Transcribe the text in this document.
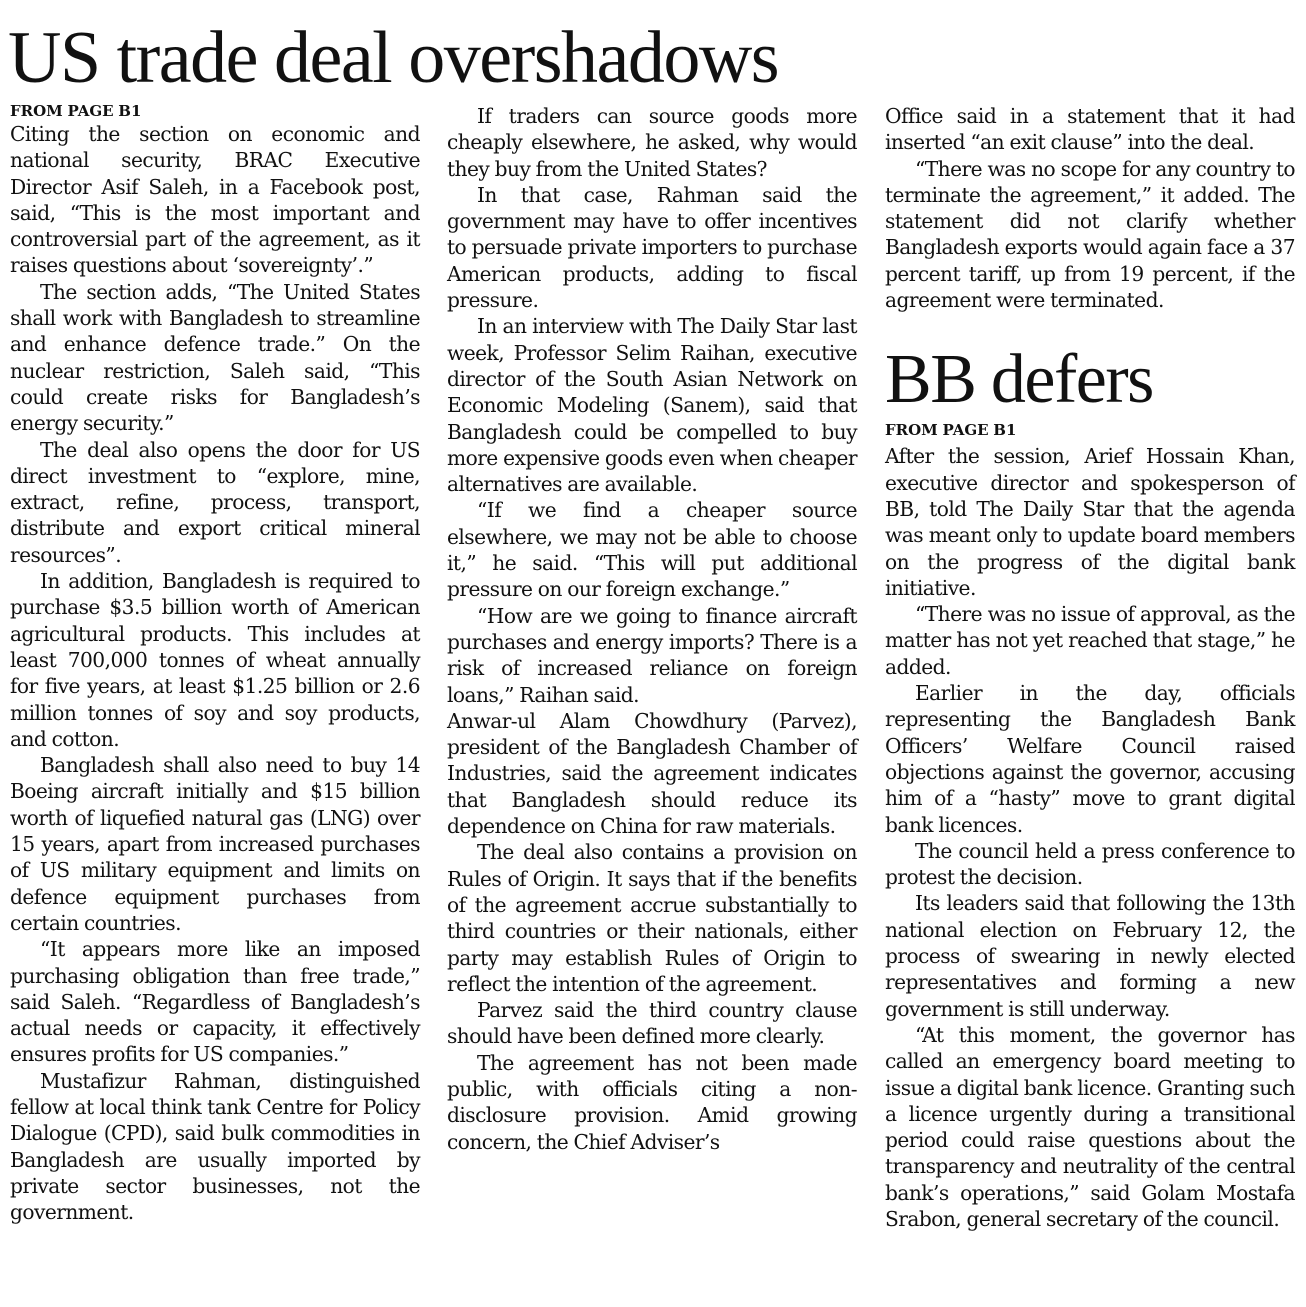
US trade deal overshadows
FROM PAGE B1

Citing the section on economic and national security, BRAC Executive Director Asif Saleh, in a Facebook post, said, “This is the most important and controversial part of the agreement, as it raises questions about ‘sovereignty’.”

The section adds, “The United States shall work with Bangladesh to streamline and enhance defence trade.” On the nuclear restriction, Saleh said, “This could create risks for Bangladesh’s energy security.”

The deal also opens the door for US direct investment to “explore, mine, extract, refine, process, transport, distribute and export critical mineral resources”.

In addition, Bangladesh is required to purchase $3.5 billion worth of American agricultural products. This includes at least 700,000 tonnes of wheat annually for five years, at least $1.25 billion or 2.6 million tonnes of soy and soy products, and cotton.

Bangladesh shall also need to buy 14 Boeing aircraft initially and $15 billion worth of liquefied natural gas (LNG) over 15 years, apart from increased purchases of US military equipment and limits on defence equipment purchases from certain countries.

“It appears more like an imposed purchasing obligation than free trade,” said Saleh. “Regardless of Bangladesh’s actual needs or capacity, it effectively ensures profits for US companies.”

Mustafizur Rahman, distinguished fellow at local think tank Centre for Policy Dialogue (CPD), said bulk commodities in Bangladesh are usually imported by private sector businesses, not the government.

If traders can source goods more cheaply elsewhere, he asked, why would they buy from the United States?

In that case, Rahman said the government may have to offer incentives to persuade private importers to purchase American products, adding to fiscal pressure.

In an interview with The Daily Star last week, Professor Selim Raihan, executive director of the South Asian Network on Economic Modeling (Sanem), said that Bangladesh could be compelled to buy more expensive goods even when cheaper alternatives are available.

“If we find a cheaper source elsewhere, we may not be able to choose it,” he said. “This will put additional pressure on our foreign exchange.”

“How are we going to finance aircraft purchases and energy imports? There is a risk of increased reliance on foreign loans,” Raihan said.

Anwar-ul Alam Chowdhury (Parvez), president of the Bangladesh Chamber of Industries, said the agreement indicates that Bangladesh should reduce its dependence on China for raw materials.

The deal also contains a provision on Rules of Origin. It says that if the benefits of the agreement accrue substantially to third countries or their nationals, either party may establish Rules of Origin to reflect the intention of the agreement.

Parvez said the third country clause should have been defined more clearly.

The agreement has not been made public, with officials citing a non-disclosure provision. Amid growing concern, the Chief Adviser’s

Office said in a statement that it had inserted “an exit clause” into the deal.

“There was no scope for any country to terminate the agreement,” it added. The statement did not clarify whether Bangladesh exports would again face a 37 percent tariff, up from 19 percent, if the agreement were terminated.

BB defers
FROM PAGE B1

After the session, Arief Hossain Khan, executive director and spokesperson of BB, told The Daily Star that the agenda was meant only to update board members on the progress of the digital bank initiative.

“There was no issue of approval, as the matter has not yet reached that stage,” he added.

Earlier in the day, officials representing the Bangladesh Bank Officers’ Welfare Council raised objections against the governor, accusing him of a “hasty” move to grant digital bank licences.

The council held a press conference to protest the decision.

Its leaders said that following the 13th national election on February 12, the process of swearing in newly elected representatives and forming a new government is still underway.

“At this moment, the governor has called an emergency board meeting to issue a digital bank licence. Granting such a licence urgently during a transitional period could raise questions about the transparency and neutrality of the central bank’s operations,” said Golam Mostafa Srabon, general secretary of the council.
